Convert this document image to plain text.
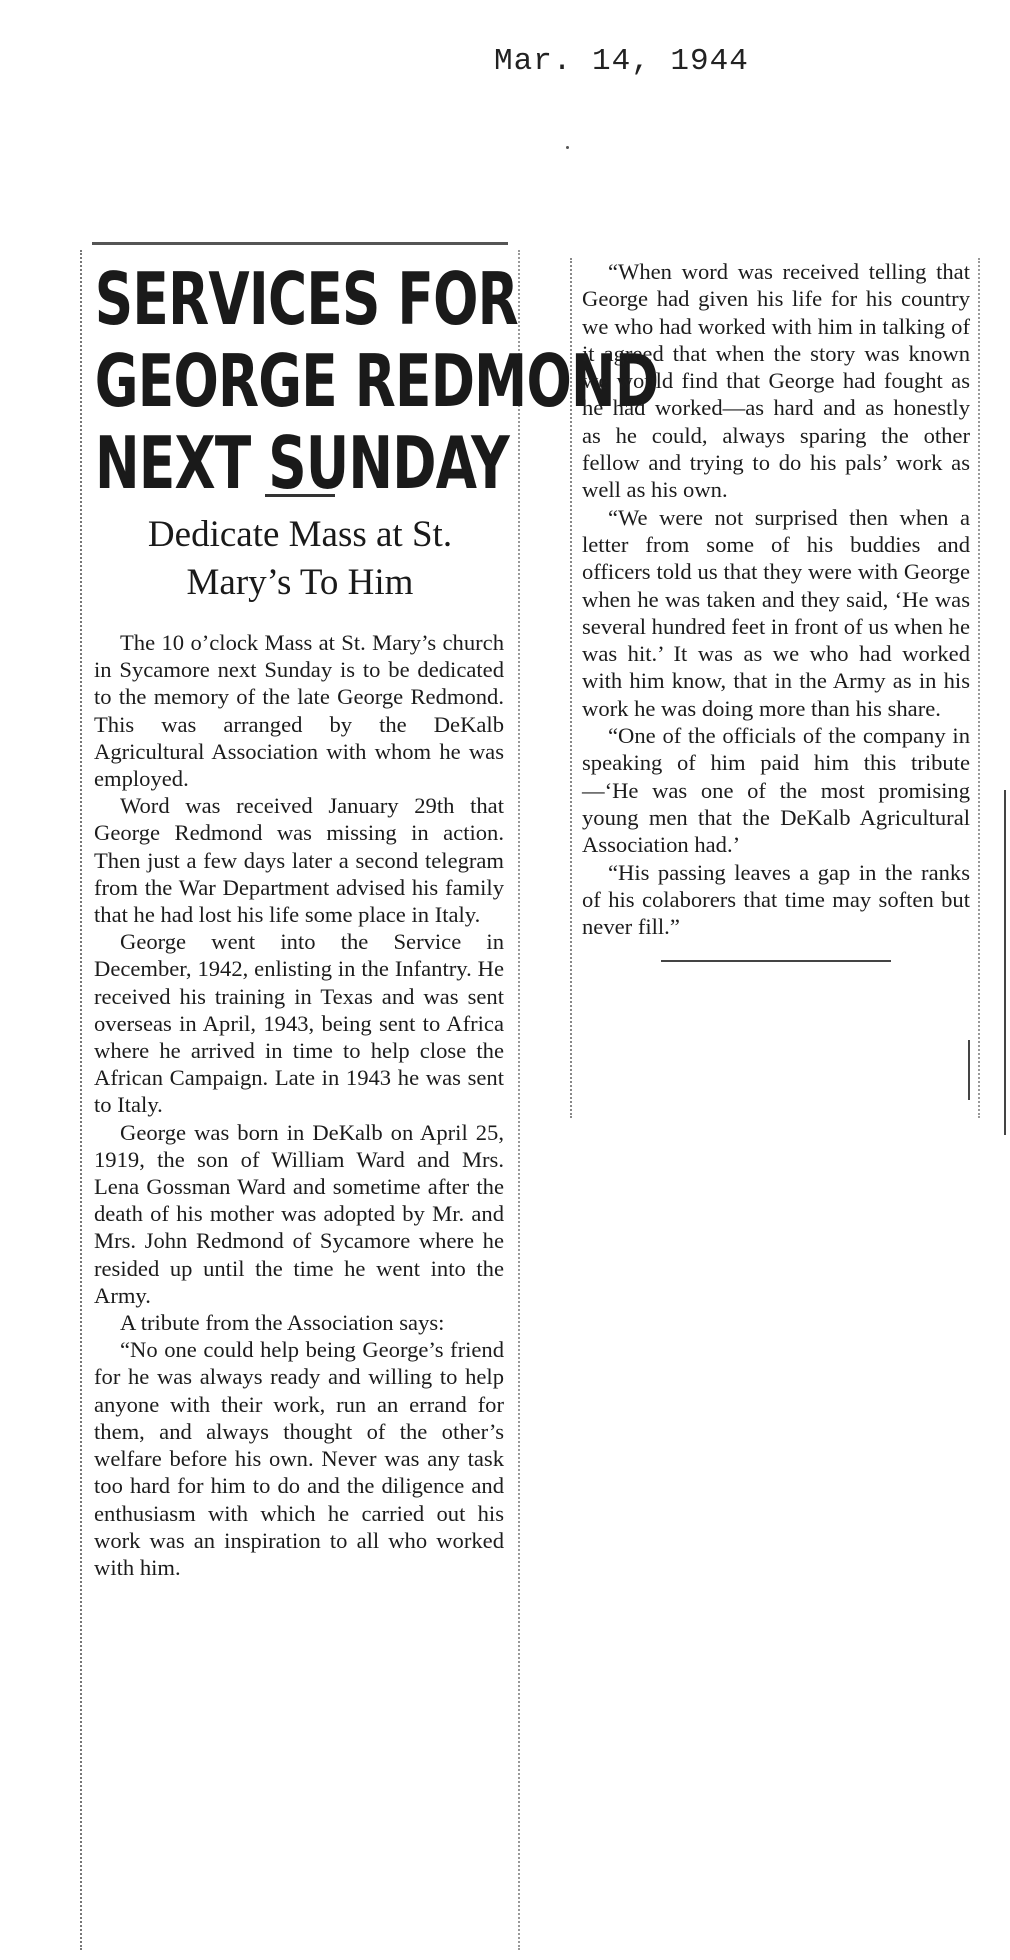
Mar. 14, 1944
SERVICES FOR
GEORGE REDMOND
NEXT SUNDAY
Dedicate Mass at St. Mary’s To Him

The 10 o’clock Mass at St. Mary’s church in Sycamore next Sunday is to be dedicated to the memory of the late George Redmond. This was arranged by the DeKalb Agricultural Association with whom he was employed.

Word was received January 29th that George Redmond was missing in action. Then just a few days later a second telegram from the War Department advised his family that he had lost his life some place in Italy.

George went into the Service in December, 1942, enlisting in the Infantry. He received his training in Texas and was sent overseas in April, 1943, being sent to Africa where he arrived in time to help close the African Campaign. Late in 1943 he was sent to Italy.

George was born in DeKalb on April 25, 1919, the son of William Ward and Mrs. Lena Gossman Ward and sometime after the death of his mother was adopted by Mr. and Mrs. John Redmond of Sycamore where he resided up until the time he went into the Army.

A tribute from the Association says:

“No one could help being George’s friend for he was always ready and willing to help anyone with their work, run an errand for them, and always thought of the other’s welfare before his own. Never was any task too hard for him to do and the diligence and enthusiasm with which he carried out his work was an inspiration to all who worked with him.

“When word was received telling that George had given his life for his country we who had worked with him in talking of it agreed that when the story was known we would find that George had fought as he had worked—as hard and as honestly as he could, always sparing the other fellow and trying to do his pals’ work as well as his own.

“We were not surprised then when a letter from some of his buddies and officers told us that they were with George when he was taken and they said, ‘He was several hundred feet in front of us when he was hit.’ It was as we who had worked with him know, that in the Army as in his work he was doing more than his share.

“One of the officials of the company in speaking of him paid him this tribute—‘He was one of the most promising young men that the DeKalb Agricultural Association had.’

“His passing leaves a gap in the ranks of his colaborers that time may soften but never fill.”
